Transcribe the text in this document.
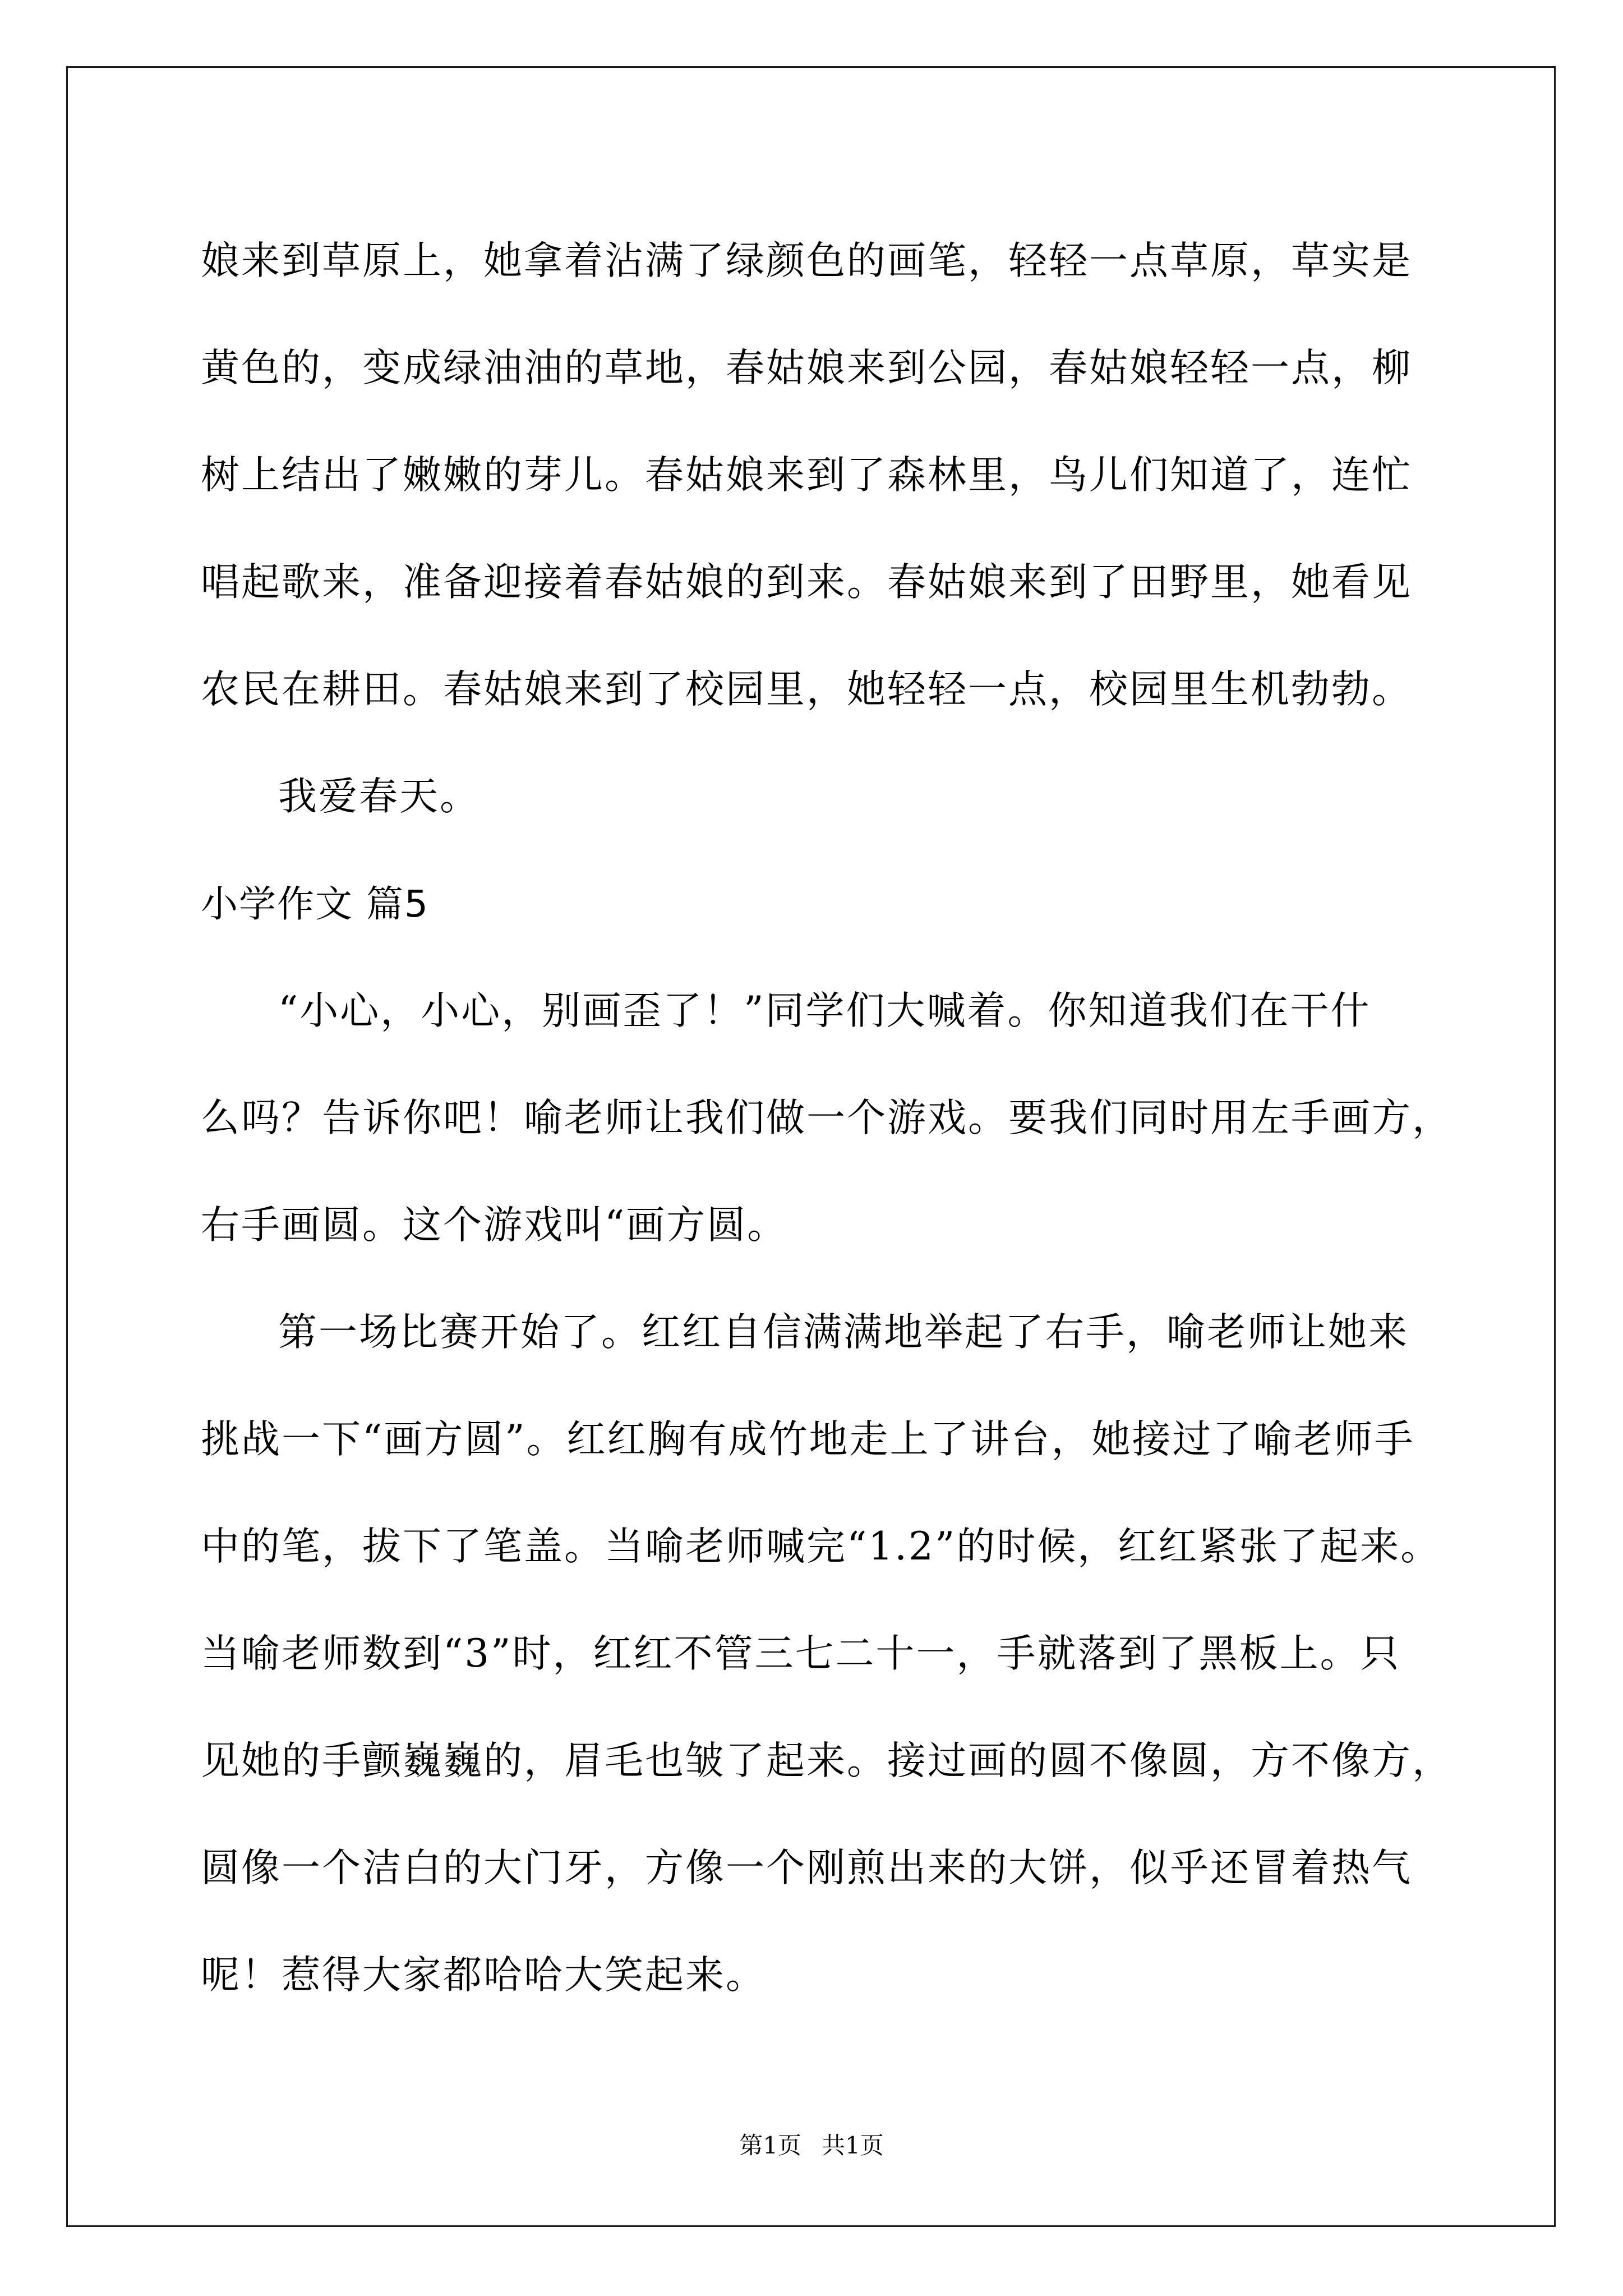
娘来到草原上，她拿着沾满了绿颜色的画笔，轻轻一点草原，草实是
黄色的，变成绿油油的草地，春姑娘来到公园，春姑娘轻轻一点，柳
树上结出了嫩嫩的芽儿。春姑娘来到了森林里，鸟儿们知道了，连忙
唱起歌来，准备迎接着春姑娘的到来。春姑娘来到了田野里，她看见
农民在耕田。春姑娘来到了校园里，她轻轻一点，校园里生机勃勃。
我爱春天。
小学作文 篇5
“小心，小心，别画歪了！”同学们大喊着。你知道我们在干什
么吗？告诉你吧！喻老师让我们做一个游戏。要我们同时用左手画方，
右手画圆。这个游戏叫“画方圆。
第一场比赛开始了。红红自信满满地举起了右手，喻老师让她来
挑战一下“画方圆”。红红胸有成竹地走上了讲台，她接过了喻老师手
中的笔，拔下了笔盖。当喻老师喊完“1.2”的时候，红红紧张了起来。
当喻老师数到“3”时，红红不管三七二十一，手就落到了黑板上。只
见她的手颤巍巍的，眉毛也皱了起来。接过画的圆不像圆，方不像方，
圆像一个洁白的大门牙，方像一个刚煎出来的大饼，似乎还冒着热气
呢！惹得大家都哈哈大笑起来。
第1页 共1页
